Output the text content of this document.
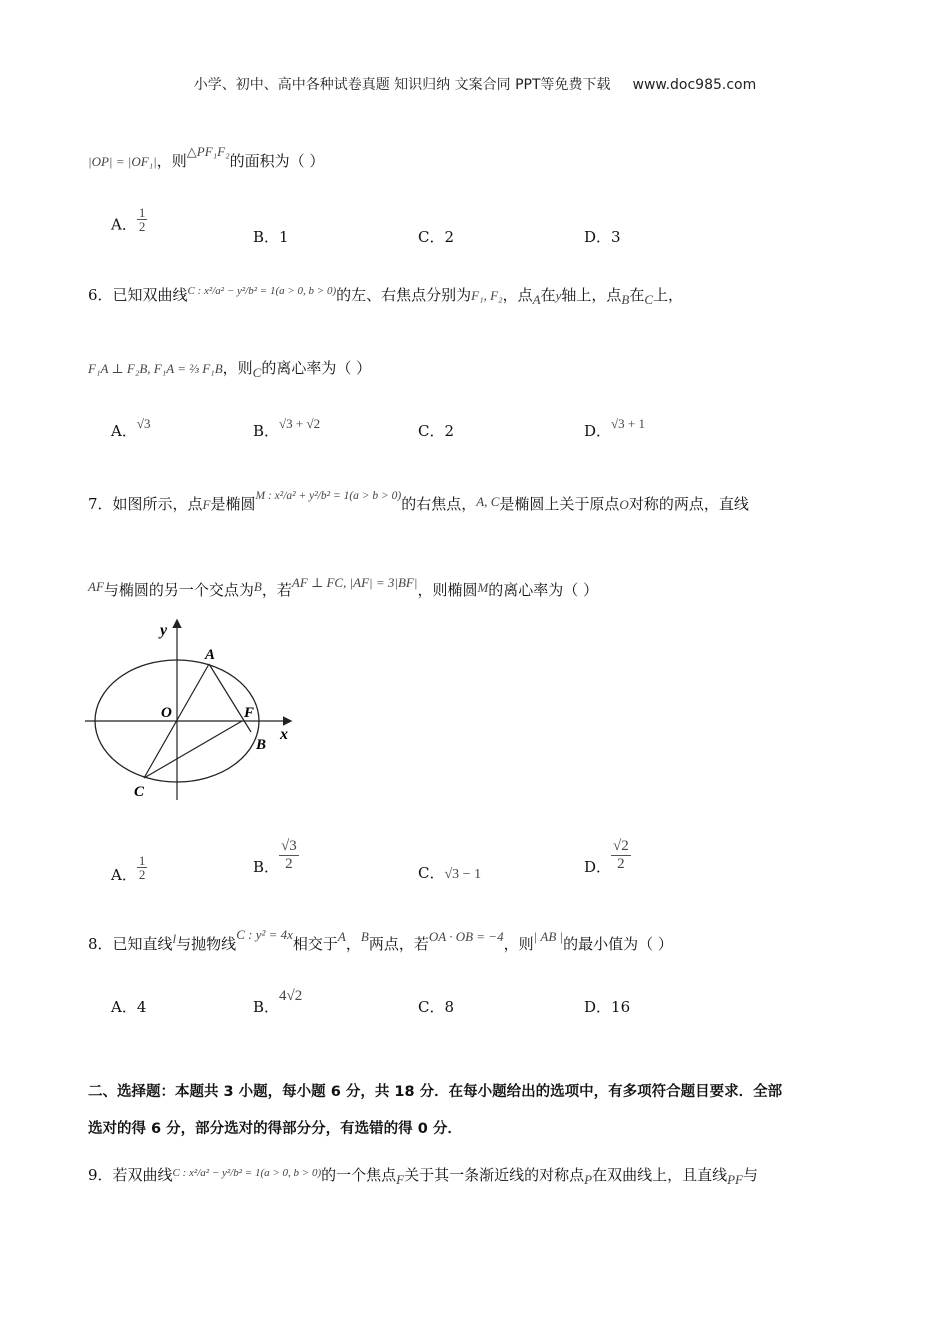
小学、初中、高中各种试卷真题 知识归纳 文案合同 PPT等免费下载 www.doc985.com
|OP| = |OF₁|，则△PF₁F₂的面积为（ ）
A． $\frac{1}{2}$
B．1	C．2	D．3
6．已知双曲线$^{C : x^2/a^2 - y^2/b^2 = 1(a > 0, b > 0)}$的左、右焦点分别为F₁, F₂，点A在y轴上，点B在C上，
F₁A ⊥ F₂B, F₁A = ⅔ F₁B，则C的离心率为（ ）
A．√3	B．√3 + √2	C．2	D．√3 + 1
7．如图所示，点F是椭圆$^{M : x^2/a^2 + y^2/b^2 = 1(a > b > 0)}$的右焦点，A, C是椭圆上关于原点O对称的两点，直线
AF与椭圆的另一个交点为B，若AF ⊥ FC, |AF| = 3|BF|，则椭圆M的离心率为（ ）
y
x
A
O	F
B
C
A． $\frac{1}{2}$	B． $\frac{√3}{2}$	C．√3 − 1	D． $\frac{√2}{2}$
8．已知直线l与抛物线C : y² = 4x相交于A，B两点，若OA · OB = −4，则| AB |的最小值为（ ）
A．4	B．4√2
C．8	D．16
二、选择题：本题共 3 小题，每小题 6 分，共 18 分．在每小题给出的选项中，有多项符合题目要求．全部
选对的得 6 分，部分选对的得部分分，有选错的得 0 分．
9．若双曲线$^{C : x^2/a^2 - y^2/b^2 = 1(a > 0, b > 0)}$的一个焦点F关于其一条渐近线的对称点P在双曲线上，且直线PF与
